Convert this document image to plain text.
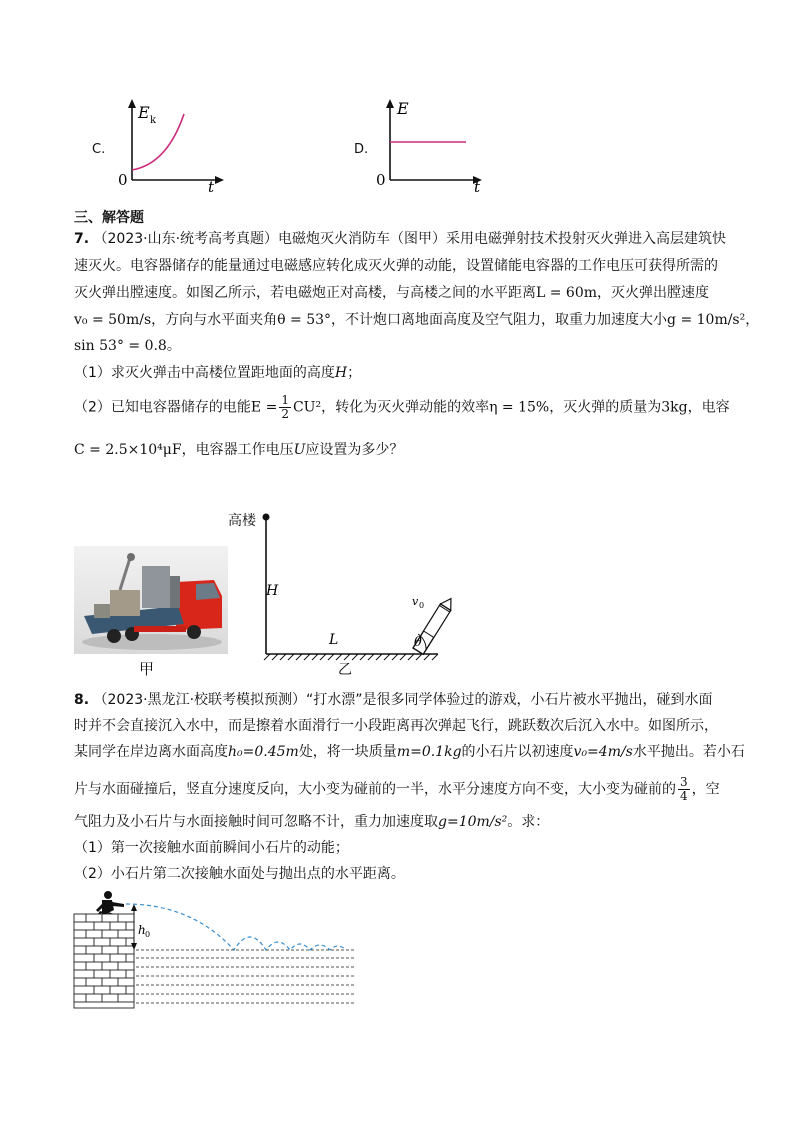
C.
E k
t
0
D.
E
t
0
三、解答题
7. （2023·山东·统考高考真题）电磁炮灭火消防车（图甲）采用电磁弹射技术投射灭火弹进入高层建筑快
速灭火。电容器储存的能量通过电磁感应转化成灭火弹的动能，设置储能电容器的工作电压可获得所需的
灭火弹出膛速度。如图乙所示，若电磁炮正对高楼，与高楼之间的水平距离L = 60m，灭火弹出膛速度
v₀ = 50m/s，方向与水平面夹角θ = 53°，不计炮口离地面高度及空气阻力，取重力加速度大小g = 10m/s²，
sin 53° = 0.8。
（1）求灭火弹击中高楼位置距地面的高度H；
（2）已知电容器储存的电能$E = \frac{1}{2} CU^2$，转化为灭火弹动能的效率η = 15%，灭火弹的质量为3kg，电容
C = 2.5×10⁴μF，电容器工作电压U应设置为多少？
甲
θ
v 0
H
L
高楼
乙
8. （2023·黑龙江·校联考模拟预测）“打水漂”是很多同学体验过的游戏，小石片被水平抛出，碰到水面
时并不会直接沉入水中，而是擦着水面滑行一小段距离再次弹起飞行，跳跃数次后沉入水中。如图所示，
某同学在岸边离水面高度h₀=0.45m处，将一块质量m=0.1kg的小石片以初速度v₀=4m/s水平抛出。若小石
片与水面碰撞后，竖直分速度反向，大小变为碰前的一半，水平分速度方向不变，大小变为碰前的 $\frac{3}{4}$ ，空
气阻力及小石片与水面接触时间可忽略不计，重力加速度取g=10m/s²。求：
（1）第一次接触水面前瞬间小石片的动能；
（2）小石片第二次接触水面处与抛出点的水平距离。
h 0
